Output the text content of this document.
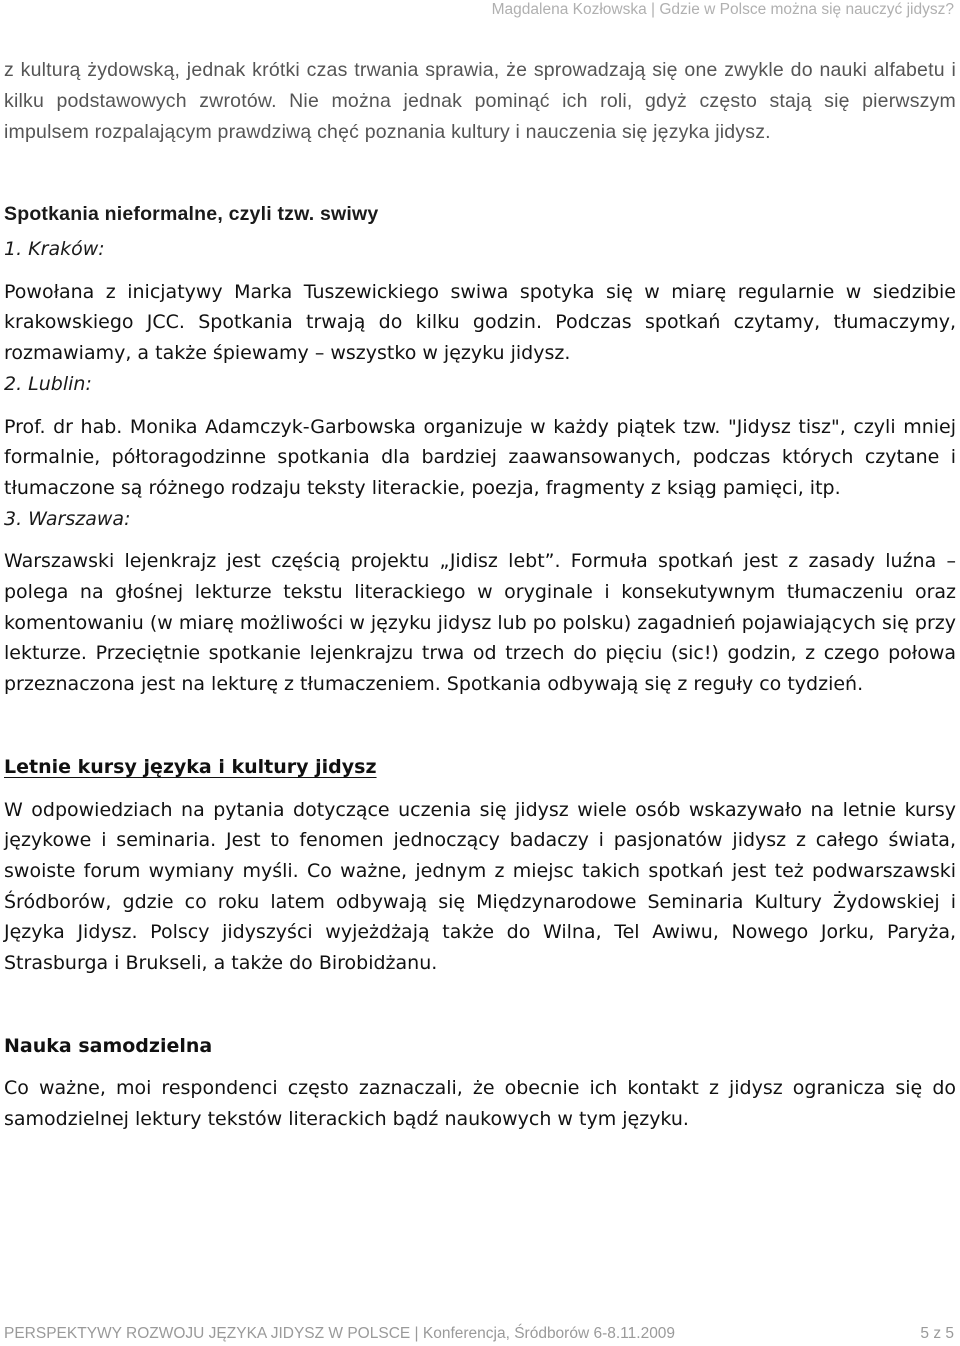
Magdalena Kozłowska | Gdzie w Polsce można się nauczyć jidysz?

z kulturą żydowską, jednak krótki czas trwania sprawia, że sprowadzają się one zwykle do nauki alfabetu i kilku podstawowych zwrotów. Nie można jednak pominąć ich roli, gdyż często stają się pierwszym impulsem rozpalającym prawdziwą chęć poznania kultury i nauczenia się języka jidysz.

Spotkania nieformalne, czyli tzw. swiwy

1. Kraków:

Powołana z inicjatywy Marka Tuszewickiego swiwa spotyka się w miarę regularnie w siedzibie krakowskiego JCC. Spotkania trwają do kilku godzin. Podczas spotkań czytamy, tłumaczymy, rozmawiamy, a także śpiewamy – wszystko w języku jidysz.

2. Lublin:

Prof. dr hab. Monika Adamczyk-Garbowska organizuje w każdy piątek tzw. "Jidysz tisz", czyli mniej formalnie, półtoragodzinne spotkania dla bardziej zaawansowanych, podczas których czytane i tłumaczone są różnego rodzaju teksty literackie, poezja, fragmenty z ksiąg pamięci, itp.

3. Warszawa:

Warszawski lejenkrajz jest częścią projektu „Jidisz lebt”. Formuła spotkań jest z zasady luźna – polega na głośnej lekturze tekstu literackiego w oryginale i konsekutywnym tłumaczeniu oraz komentowaniu (w miarę możliwości w języku jidysz lub po polsku) zagadnień pojawiających się przy lekturze. Przeciętnie spotkanie lejenkrajzu trwa od trzech do pięciu (sic!) godzin, z czego połowa przeznaczona jest na lekturę z tłumaczeniem. Spotkania odbywają się z reguły co tydzień.

Letnie kursy języka i kultury jidysz

W odpowiedziach na pytania dotyczące uczenia się jidysz wiele osób wskazywało na letnie kursy językowe i seminaria. Jest to fenomen jednoczący badaczy i pasjonatów jidysz z całego świata, swoiste forum wymiany myśli. Co ważne, jednym z miejsc takich spotkań jest też podwarszawski Śródborów, gdzie co roku latem odbywają się Międzynarodowe Seminaria Kultury Żydowskiej i Języka Jidysz. Polscy jidyszyści wyjeżdżają także do Wilna, Tel Awiwu, Nowego Jorku, Paryża, Strasburga i Brukseli, a także do Birobidżanu.

Nauka samodzielna

Co ważne, moi respondenci często zaznaczali, że obecnie ich kontakt z jidysz ogranicza się do samodzielnej lektury tekstów literackich bądź naukowych w tym języku.

PERSPEKTYWY ROZWOJU JĘZYKA JIDYSZ W POLSCE | Konferencja, Śródborów 6-8.11.2009	5 z 5
